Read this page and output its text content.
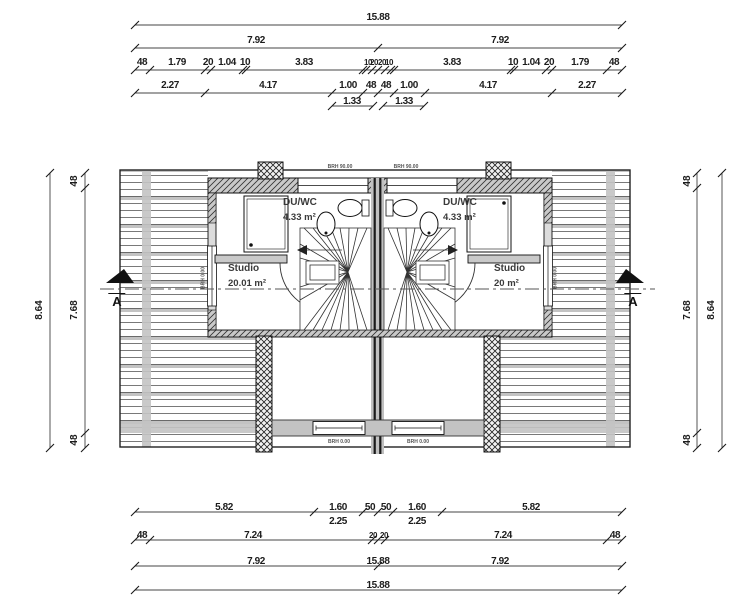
15.88
7.92	7.92
48 1.79 20 1.04 10	3.83	10
20 20
10	3.83	10 1.04 20 1.79 48
2.27	4.17	1.00 48 48 1.00	4.17	2.27
1.33	1.33
8.64
48
7.68
48
48
7.68
48
8.64
5.82	1.60 50 50 1.60	5.82
2.25	2.25
48	7.24	20 20	7.24	48
7.92	15.88	7.92
15.88
DU/WC
4.33 m²
DU/WC
4.33 m²
Studio
20.01 m²
Studio
20 m²
BRH 90.00	BRH 90.00
BRH 0.00	BRH 0.00
BRH 0.00	BRH 0.00
A	A
